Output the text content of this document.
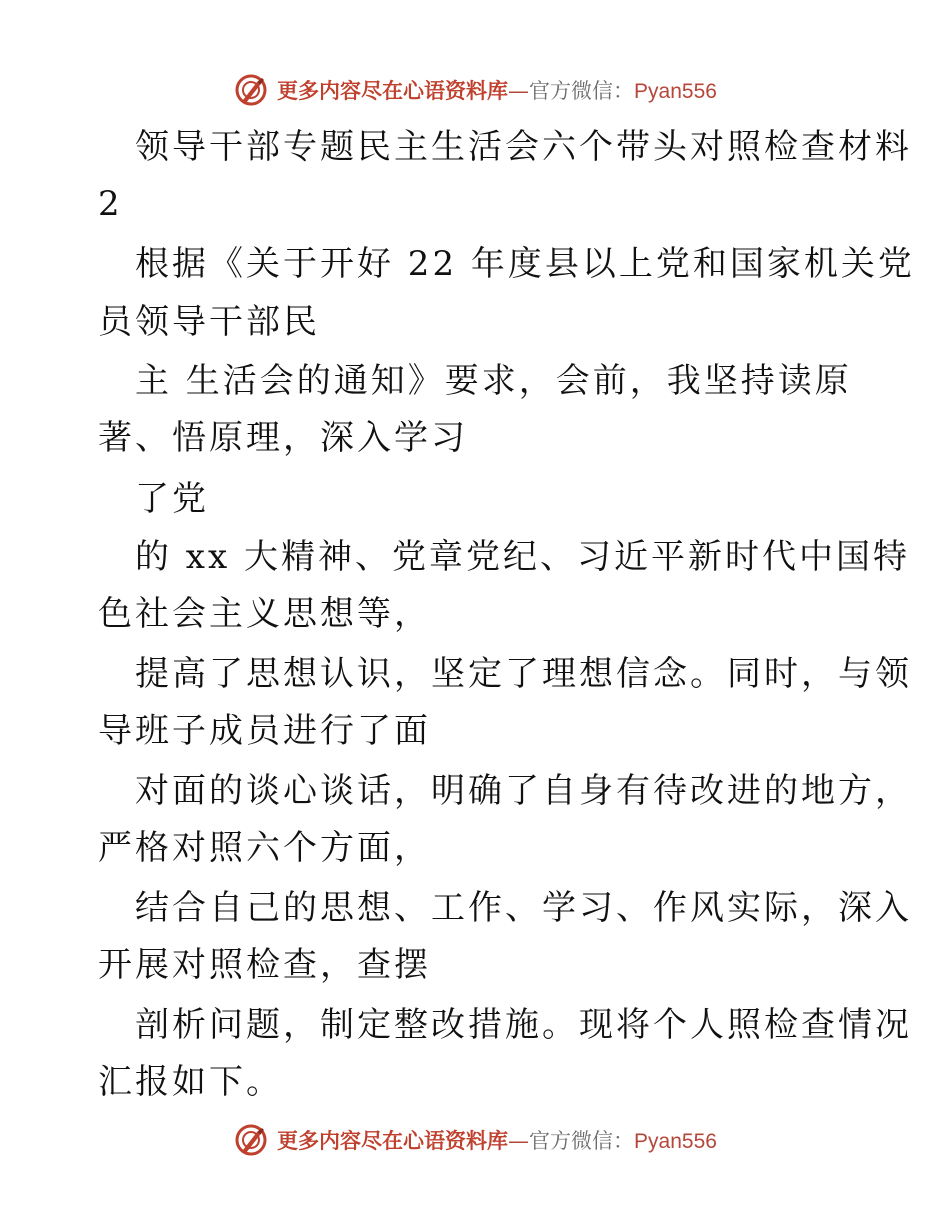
更多内容尽在心语资料库 — 官方微信： Pyan556
领导干部专题民主生活会六个带头对照检查材料
2
根据《关于开好 22 年度县以上党和国家机关党
员领导干部民
主 生活会的通知》要求，会前，我坚持读原
著、悟原理，深入学习
了党
的 xx 大精神、党章党纪、习近平新时代中国特
色社会主义思想等，
提高了思想认识，坚定了理想信念。同时，与领
导班子成员进行了面
对面的谈心谈话，明确了自身有待改进的地方，
严格对照六个方面，
结合自己的思想、工作、学习、作风实际，深入
开展对照检查，查摆
剖析问题，制定整改措施。现将个人照检查情况
汇报如下。
更多内容尽在心语资料库 — 官方微信： Pyan556
